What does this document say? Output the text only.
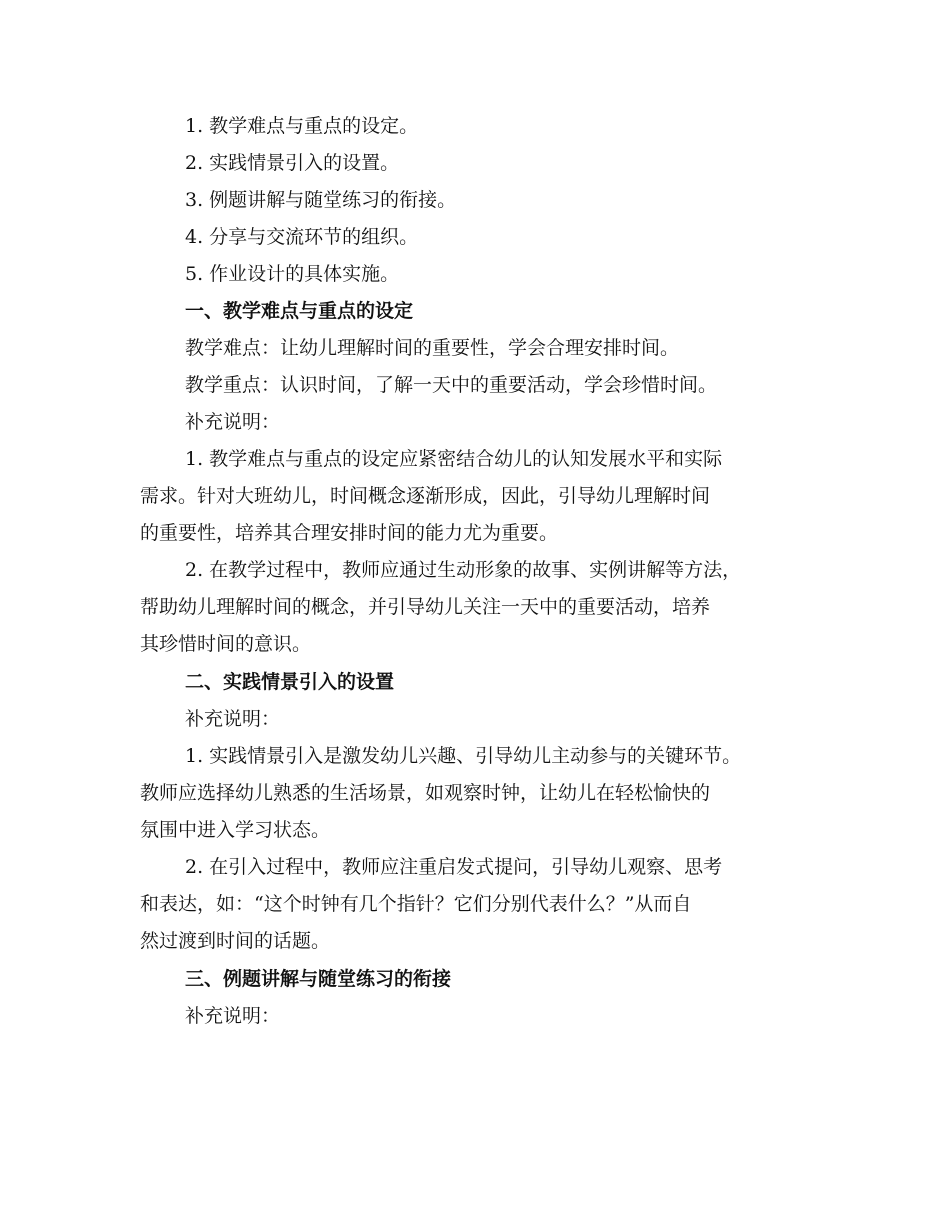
1. 教学难点与重点的设定。
2. 实践情景引入的设置。
3. 例题讲解与随堂练习的衔接。
4. 分享与交流环节的组织。
5. 作业设计的具体实施。
一、教学难点与重点的设定
教学难点：让幼儿理解时间的重要性，学会合理安排时间。
教学重点：认识时间，了解一天中的重要活动，学会珍惜时间。
补充说明：
1. 教学难点与重点的设定应紧密结合幼儿的认知发展水平和实际
需求。针对大班幼儿，时间概念逐渐形成，因此，引导幼儿理解时间
的重要性，培养其合理安排时间的能力尤为重要。
2. 在教学过程中，教师应通过生动形象的故事、实例讲解等方法，
帮助幼儿理解时间的概念，并引导幼儿关注一天中的重要活动，培养
其珍惜时间的意识。
二、实践情景引入的设置
补充说明：
1. 实践情景引入是激发幼儿兴趣、引导幼儿主动参与的关键环节。
教师应选择幼儿熟悉的生活场景，如观察时钟，让幼儿在轻松愉快的
氛围中进入学习状态。
2. 在引入过程中，教师应注重启发式提问，引导幼儿观察、思考
和表达，如：“这个时钟有几个指针？它们分别代表什么？”从而自
然过渡到时间的话题。
三、例题讲解与随堂练习的衔接
补充说明：
